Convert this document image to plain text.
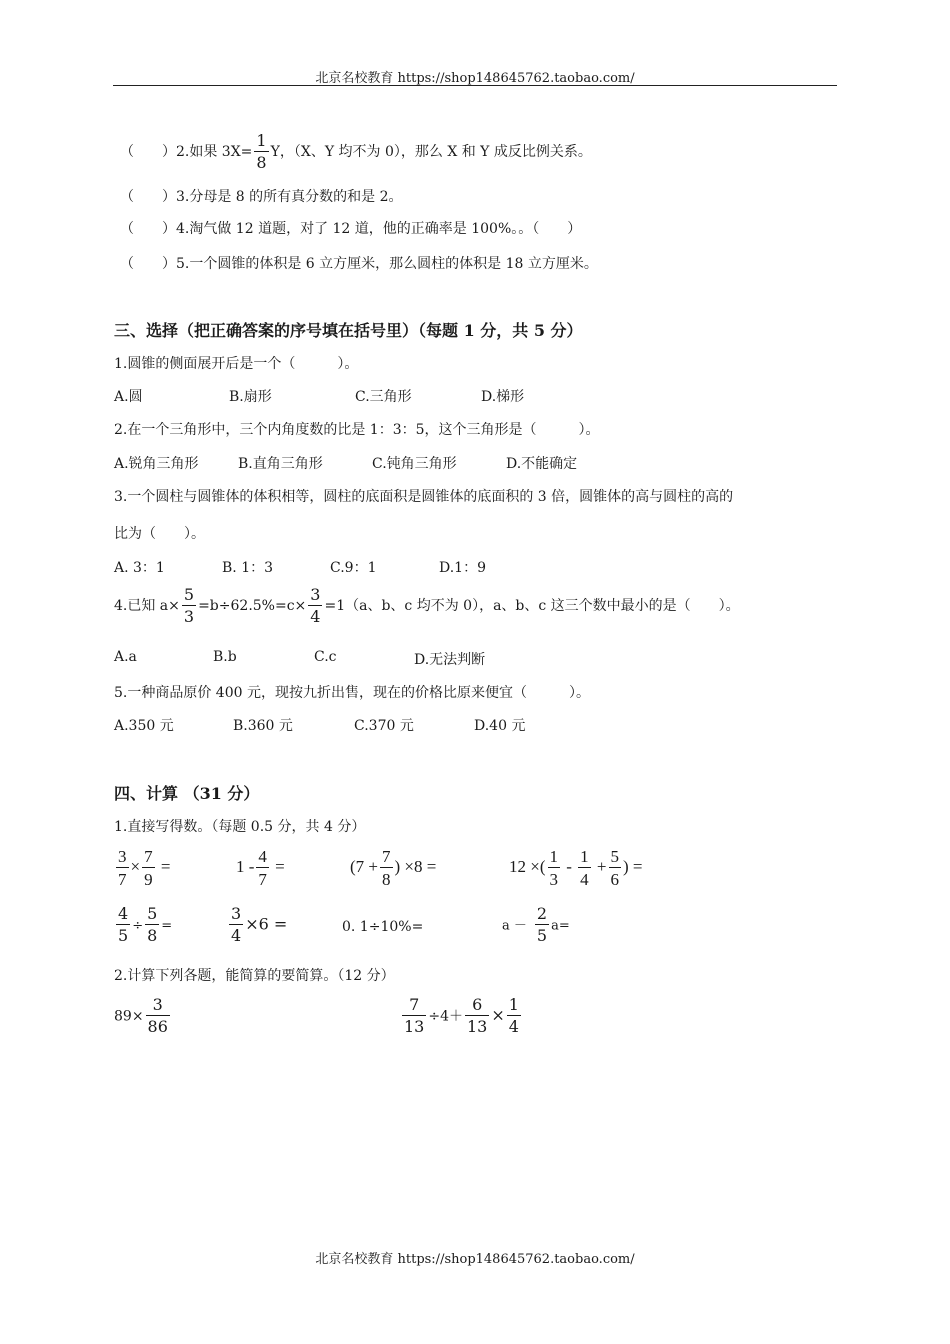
北京名校教育 https://shop148645762.taobao.com/
（　　）2.如果 $3X= \frac{1}{8}$ Y，（X、Y 均不为 0），那么 X 和 Y 成反比例关系。
（　　）3.分母是 8 的所有真分数的和是 2。
（　　）4.淘气做 12 道题，对了 12 道，他的正确率是 100%。。（　　）
（　　）5.一个圆锥的体积是 6 立方厘米，那么圆柱的体积是 18 立方厘米。
三、选择（把正确答案的序号填在括号里）（每题 1 分，共 5 分）
1.圆锥的侧面展开后是一个（　　　）。
A.圆	B.扇形	C.三角形	D.梯形
2.在一个三角形中，三个内角度数的比是 1：3：5，这个三角形是（　　　）。
A.锐角三角形	B.直角三角形	C.钝角三角形	D.不能确定
3.一个圆柱与圆锥体的体积相等，圆柱的底面积是圆锥体的底面积的 3 倍，圆锥体的高与圆柱的高的
比为（　　）。
A. 3：1	B. 1：3	C.9：1	D.1：9
4.已知 $a\times \frac{5}{3} =b\div 62.5\%=c\times \frac{3}{4} =1(a$、b、c 均不为 0），a、b、c 这三个数中最小的是（　　）。
A.a	B.b	C.c	D.无法判断
5.一种商品原价 400 元，现按九折出售，现在的价格比原来便宜（　　　）。
A.350 元	B.360 元	C.370 元	D.40 元
四、计算 （31 分）
1.直接写得数。（每题 0.5 分，共 4 分）
$\frac{3}{7} \times \frac{7}{9}$ =	$1 - \frac{4}{7}$ =	($7 + \frac{7}{8}$ ) ×8 =	12 ×( $\frac{1}{3} - \frac{1}{4} + \frac{5}{6}$ ) =
$\frac{4}{5} \div \frac{5}{8}$ =	$\frac{3}{4} \times 6$ =	0. 1÷10%=	$a - \frac{2}{5} a=$
2.计算下列各题，能简算的要简算。（12 分）
$89\times \frac{3}{86}$	$\frac{7}{13} \div 4+ \frac{6}{13} \times \frac{1}{4}$
北京名校教育 https://shop148645762.taobao.com/
